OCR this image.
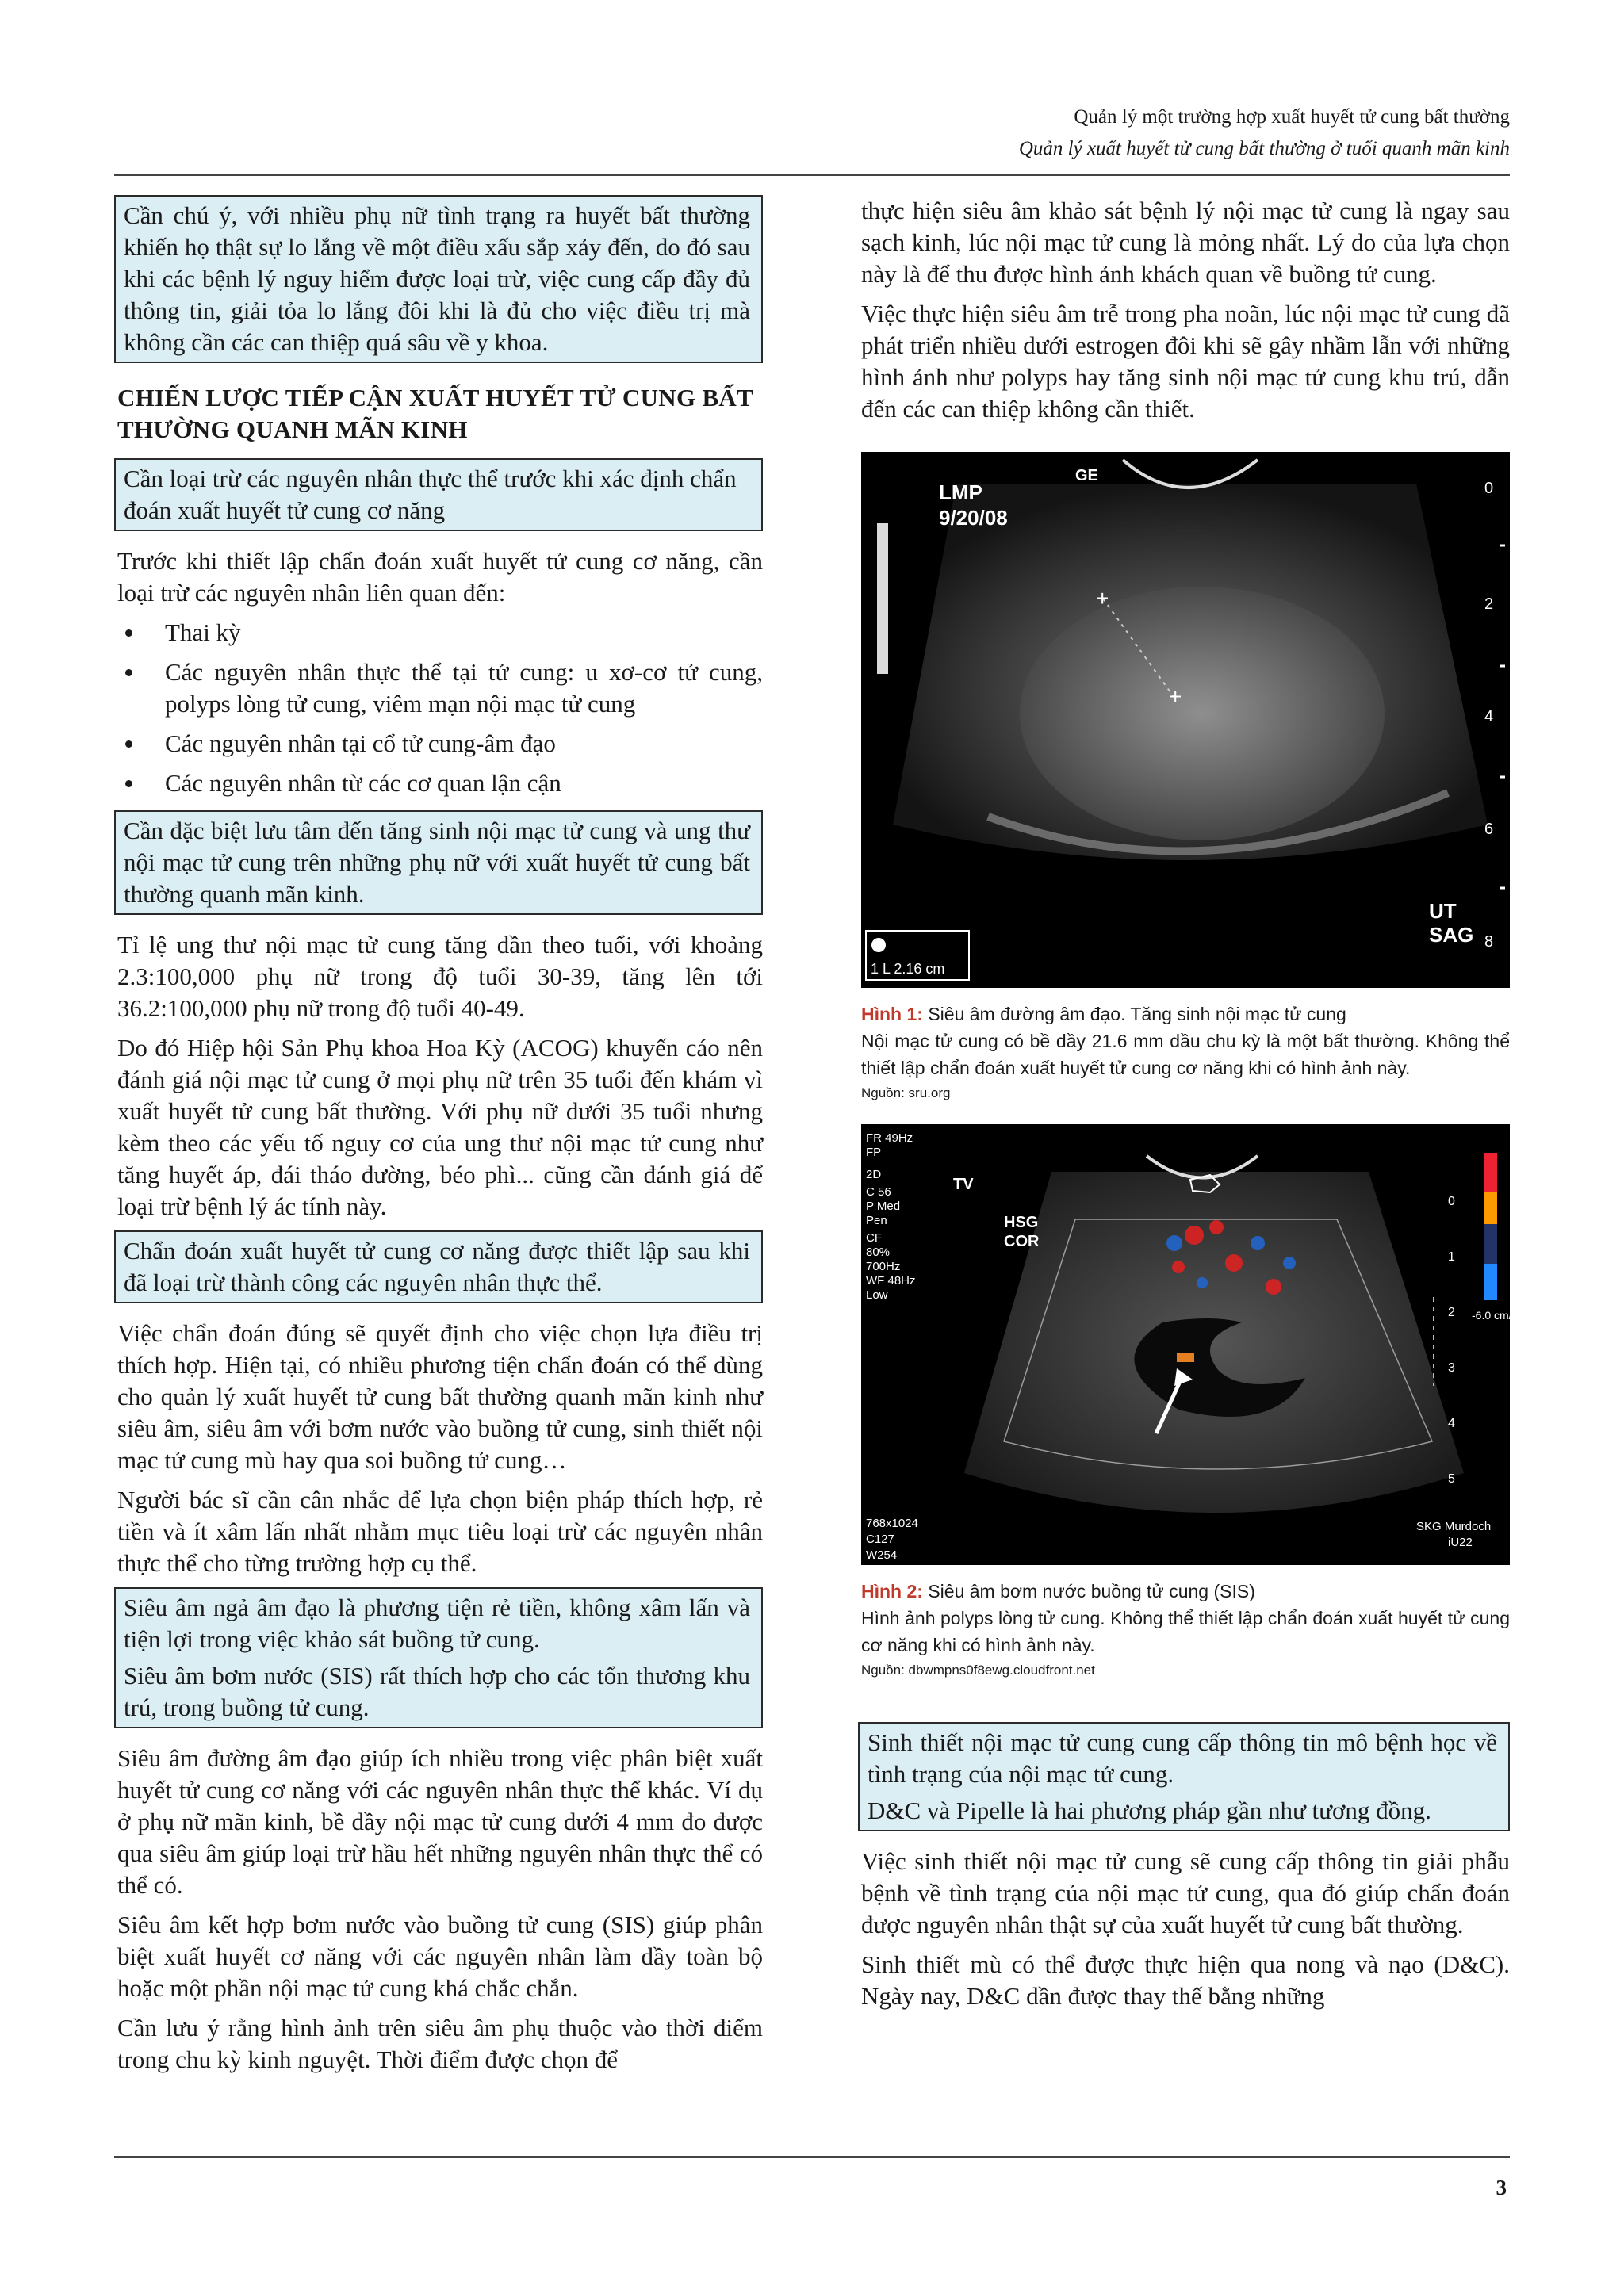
Quản lý một trường hợp xuất huyết tử cung bất thường
Quản lý xuất huyết tử cung bất thường ở tuổi quanh mãn kinh
Cần chú ý, với nhiều phụ nữ tình trạng ra huyết bất thường khiến họ thật sự lo lắng về một điều xấu sắp xảy đến, do đó sau khi các bệnh lý nguy hiểm được loại trừ, việc cung cấp đầy đủ thông tin, giải tỏa lo lắng đôi khi là đủ cho việc điều trị mà không cần các can thiệp quá sâu về y khoa.
CHIẾN LƯỢC TIẾP CẬN XUẤT HUYẾT TỬ CUNG BẤT THƯỜNG QUANH MÃN KINH
Cần loại trừ các nguyên nhân thực thể trước khi xác định chẩn đoán xuất huyết tử cung cơ năng
Trước khi thiết lập chẩn đoán xuất huyết tử cung cơ năng, cần loại trừ các nguyên nhân liên quan đến:
Thai kỳ
Các nguyên nhân thực thể tại tử cung: u xơ-cơ tử cung, polyps lòng tử cung, viêm mạn nội mạc tử cung
Các nguyên nhân tại cổ tử cung-âm đạo
Các nguyên nhân từ các cơ quan lận cận
Cần đặc biệt lưu tâm đến tăng sinh nội mạc tử cung và ung thư nội mạc tử cung trên những phụ nữ với xuất huyết tử cung bất thường quanh mãn kinh.
Tỉ lệ ung thư nội mạc tử cung tăng dần theo tuổi, với khoảng 2.3:100,000 phụ nữ trong độ tuổi 30-39, tăng lên tới 36.2:100,000 phụ nữ trong độ tuổi 40-49.
Do đó Hiệp hội Sản Phụ khoa Hoa Kỳ (ACOG) khuyến cáo nên đánh giá nội mạc tử cung ở mọi phụ nữ trên 35 tuổi đến khám vì xuất huyết tử cung bất thường. Với phụ nữ dưới 35 tuổi nhưng kèm theo các yếu tố nguy cơ của ung thư nội mạc tử cung như tăng huyết áp, đái tháo đường, béo phì... cũng cần đánh giá để loại trừ bệnh lý ác tính này.
Chẩn đoán xuất huyết tử cung cơ năng được thiết lập sau khi đã loại trừ thành công các nguyên nhân thực thể.
Việc chẩn đoán đúng sẽ quyết định cho việc chọn lựa điều trị thích hợp. Hiện tại, có nhiều phương tiện chẩn đoán có thể dùng cho quản lý xuất huyết tử cung bất thường quanh mãn kinh như siêu âm, siêu âm với bơm nước vào buồng tử cung, sinh thiết nội mạc tử cung mù hay qua soi buồng tử cung…
Người bác sĩ cần cân nhắc để lựa chọn biện pháp thích hợp, rẻ tiền và ít xâm lấn nhất nhằm mục tiêu loại trừ các nguyên nhân thực thể cho từng trường hợp cụ thể.
Siêu âm ngả âm đạo là phương tiện rẻ tiền, không xâm lấn và tiện lợi trong việc khảo sát buồng tử cung.
Siêu âm bơm nước (SIS) rất thích hợp cho các tổn thương khu trú, trong buồng tử cung.
Siêu âm đường âm đạo giúp ích nhiều trong việc phân biệt xuất huyết tử cung cơ năng với các nguyên nhân thực thể khác. Ví dụ ở phụ nữ mãn kinh, bề dầy nội mạc tử cung dưới 4 mm đo được qua siêu âm giúp loại trừ hầu hết những nguyên nhân thực thể có thể có.
Siêu âm kết hợp bơm nước vào buồng tử cung (SIS) giúp phân biệt xuất huyết cơ năng với các nguyên nhân làm dầy toàn bộ hoặc một phần nội mạc tử cung khá chắc chắn.
Cần lưu ý rằng hình ảnh trên siêu âm phụ thuộc vào thời điểm trong chu kỳ kinh nguyệt. Thời điểm được chọn để
thực hiện siêu âm khảo sát bệnh lý nội mạc tử cung là ngay sau sạch kinh, lúc nội mạc tử cung là mỏng nhất. Lý do của lựa chọn này là để thu được hình ảnh khách quan về buồng tử cung.
Việc thực hiện siêu âm trễ trong pha noãn, lúc nội mạc tử cung đã phát triển nhiều dưới estrogen đôi khi sẽ gây nhầm lẫn với những hình ảnh như polyps hay tăng sinh nội mạc tử cung khu trú, dẫn đến các can thiệp không cần thiết.
+
+
LMP
9/20/08
GE
UT
SAG
1 L 2.16 cm
0
2
4
6
8
Hình 1: Siêu âm đường âm đạo. Tăng sinh nội mạc tử cung
Nội mạc tử cung có bề dầy 21.6 mm dầu chu kỳ là một bất thường. Không thể thiết lập chẩn đoán xuất huyết tử cung cơ năng khi có hình ảnh này.
Nguồn: sru.org
FR 49Hz
FP
2D
C 56
P Med
Pen
CF
80%
700Hz
WF 48Hz
Low
768x1024
C127
W254
SKG Murdoch
iU22
TV
HSG
COR
-6.0 cm/s
0
1
2
3
4
5
Hình 2: Siêu âm bơm nước buồng tử cung (SIS)
Hình ảnh polyps lòng tử cung. Không thể thiết lập chẩn đoán xuất huyết tử cung cơ năng khi có hình ảnh này.
Nguồn: dbwmpns0f8ewg.cloudfront.net
Sinh thiết nội mạc tử cung cung cấp thông tin mô bệnh học về tình trạng của nội mạc tử cung.
D&C và Pipelle là hai phương pháp gần như tương đồng.
Việc sinh thiết nội mạc tử cung sẽ cung cấp thông tin giải phẫu bệnh về tình trạng của nội mạc tử cung, qua đó giúp chẩn đoán được nguyên nhân thật sự của xuất huyết tử cung bất thường.
Sinh thiết mù có thể được thực hiện qua nong và nạo (D&C). Ngày nay, D&C dần được thay thế bằng những
3
